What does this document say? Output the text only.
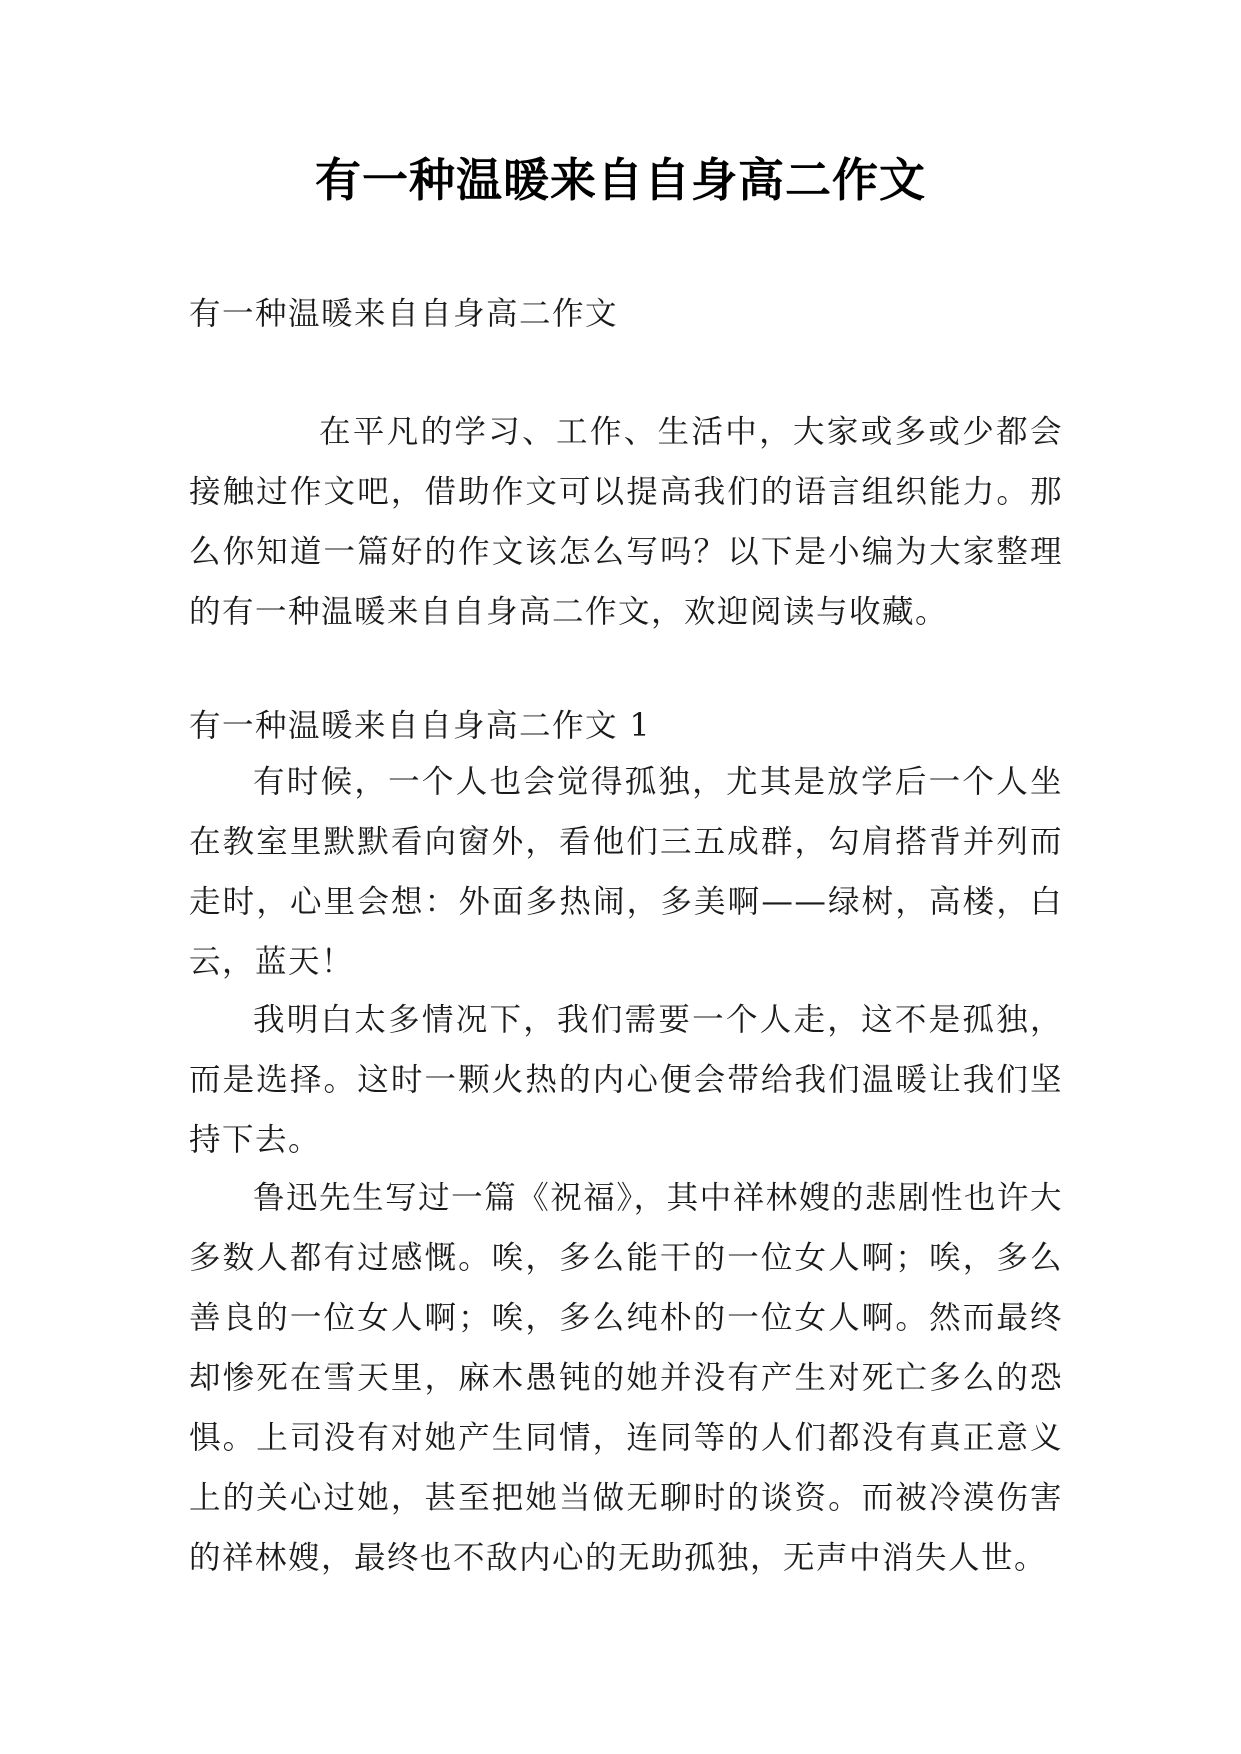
有一种温暖来自自身高二作文
有一种温暖来自自身高二作文
在平凡的学习、工作、生活中，大家或多或少都会接触过作文吧，借助作文可以提高我们的语言组织能力。那么你知道一篇好的作文该怎么写吗？以下是小编为大家整理的有一种温暖来自自身高二作文，欢迎阅读与收藏。
有一种温暖来自自身高二作文 1
有时候，一个人也会觉得孤独，尤其是放学后一个人坐在教室里默默看向窗外，看他们三五成群，勾肩搭背并列而走时，心里会想：外面多热闹，多美啊——绿树，高楼，白云，蓝天！
我明白太多情况下，我们需要一个人走，这不是孤独，而是选择。这时一颗火热的内心便会带给我们温暖让我们坚持下去。
鲁迅先生写过一篇《祝福》，其中祥林嫂的悲剧性也许大多数人都有过感慨。唉，多么能干的一位女人啊；唉，多么善良的一位女人啊；唉，多么纯朴的一位女人啊。然而最终却惨死在雪天里，麻木愚钝的她并没有产生对死亡多么的恐惧。上司没有对她产生同情，连同等的人们都没有真正意义上的关心过她，甚至把她当做无聊时的谈资。而被冷漠伤害的祥林嫂，最终也不敌内心的无助孤独，无声中消失人世。
